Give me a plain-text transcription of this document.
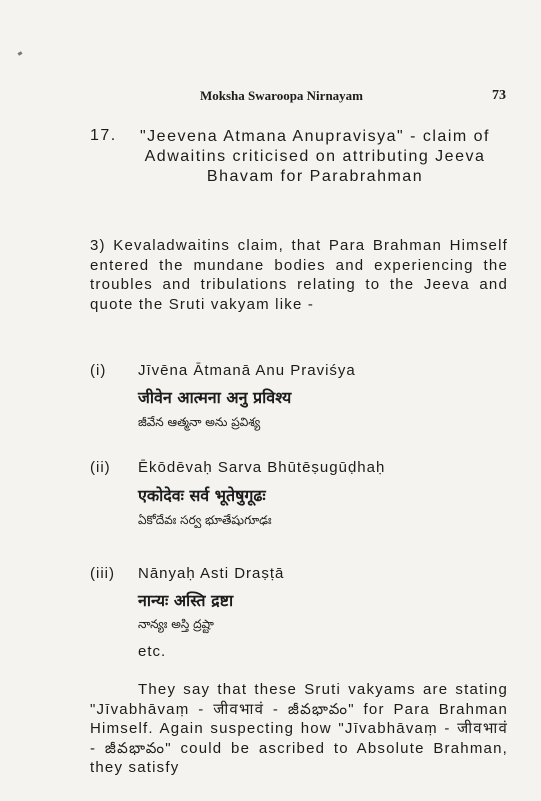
Moksha Swaroopa Nirnayam	73
17.	"Jeevena Atmana Anupravisya" - claim of Adwaitins criticised on attributing Jeeva Bhavam for Parabrahman
3) Kevaladwaitins claim, that Para Brahman Himself entered the mundane bodies and experiencing the troubles and tribulations relating to the Jeeva and quote the Sruti vakyam like -
(i) Jīvēna Ātmanā Anu Praviśya
जीवेन आत्मना अनु प्रविश्य
జీవేన ఆత్మనా అను ప్రవిశ్య
(ii) Ēkōdēvaḥ Sarva Bhūtēṣugūḍhaḥ
एकोदेवः सर्व भूतेषुगूढः
ఏకోదేవః సర్వ భూతేషుగూఢః
(iii) Nānyaḥ Asti Draṣṭā
नान्यः अस्ति द्रष्टा
నాన్యః అస్తి ద్రష్టా
etc.
They say that these Sruti vakyams are stating "Jīvabhāvaṃ - जीवभावं - జీవభావం" for Para Brahman Himself. Again suspecting how "Jīvabhāvaṃ - जीवभावं - జీవభావం" could be ascribed to Absolute Brahman, they satisfy
